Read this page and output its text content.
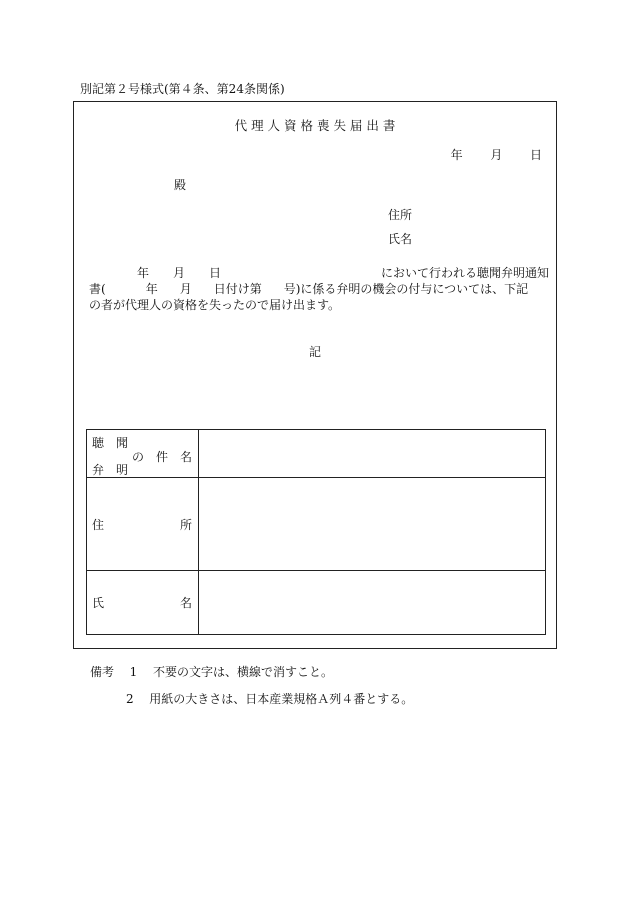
別記第２号様式(第４条、第24条関係)
代 理 人 資 格 喪 失 届 出 書
年 月 日
殿
住所
氏名
年 月 日	において行われる聴聞弁明通知
書(	年 月 日付け第 号)に係る弁明の機会の付与については、下記
の者が代理人の資格を失ったので届け出ます。
記
聴　聞
の　件　名
弁　明	

住 所	

氏 名	

備考 1 不要の文字は、横線で消すこと。
2 用紙の大きさは、日本産業規格Ａ列４番とする。
